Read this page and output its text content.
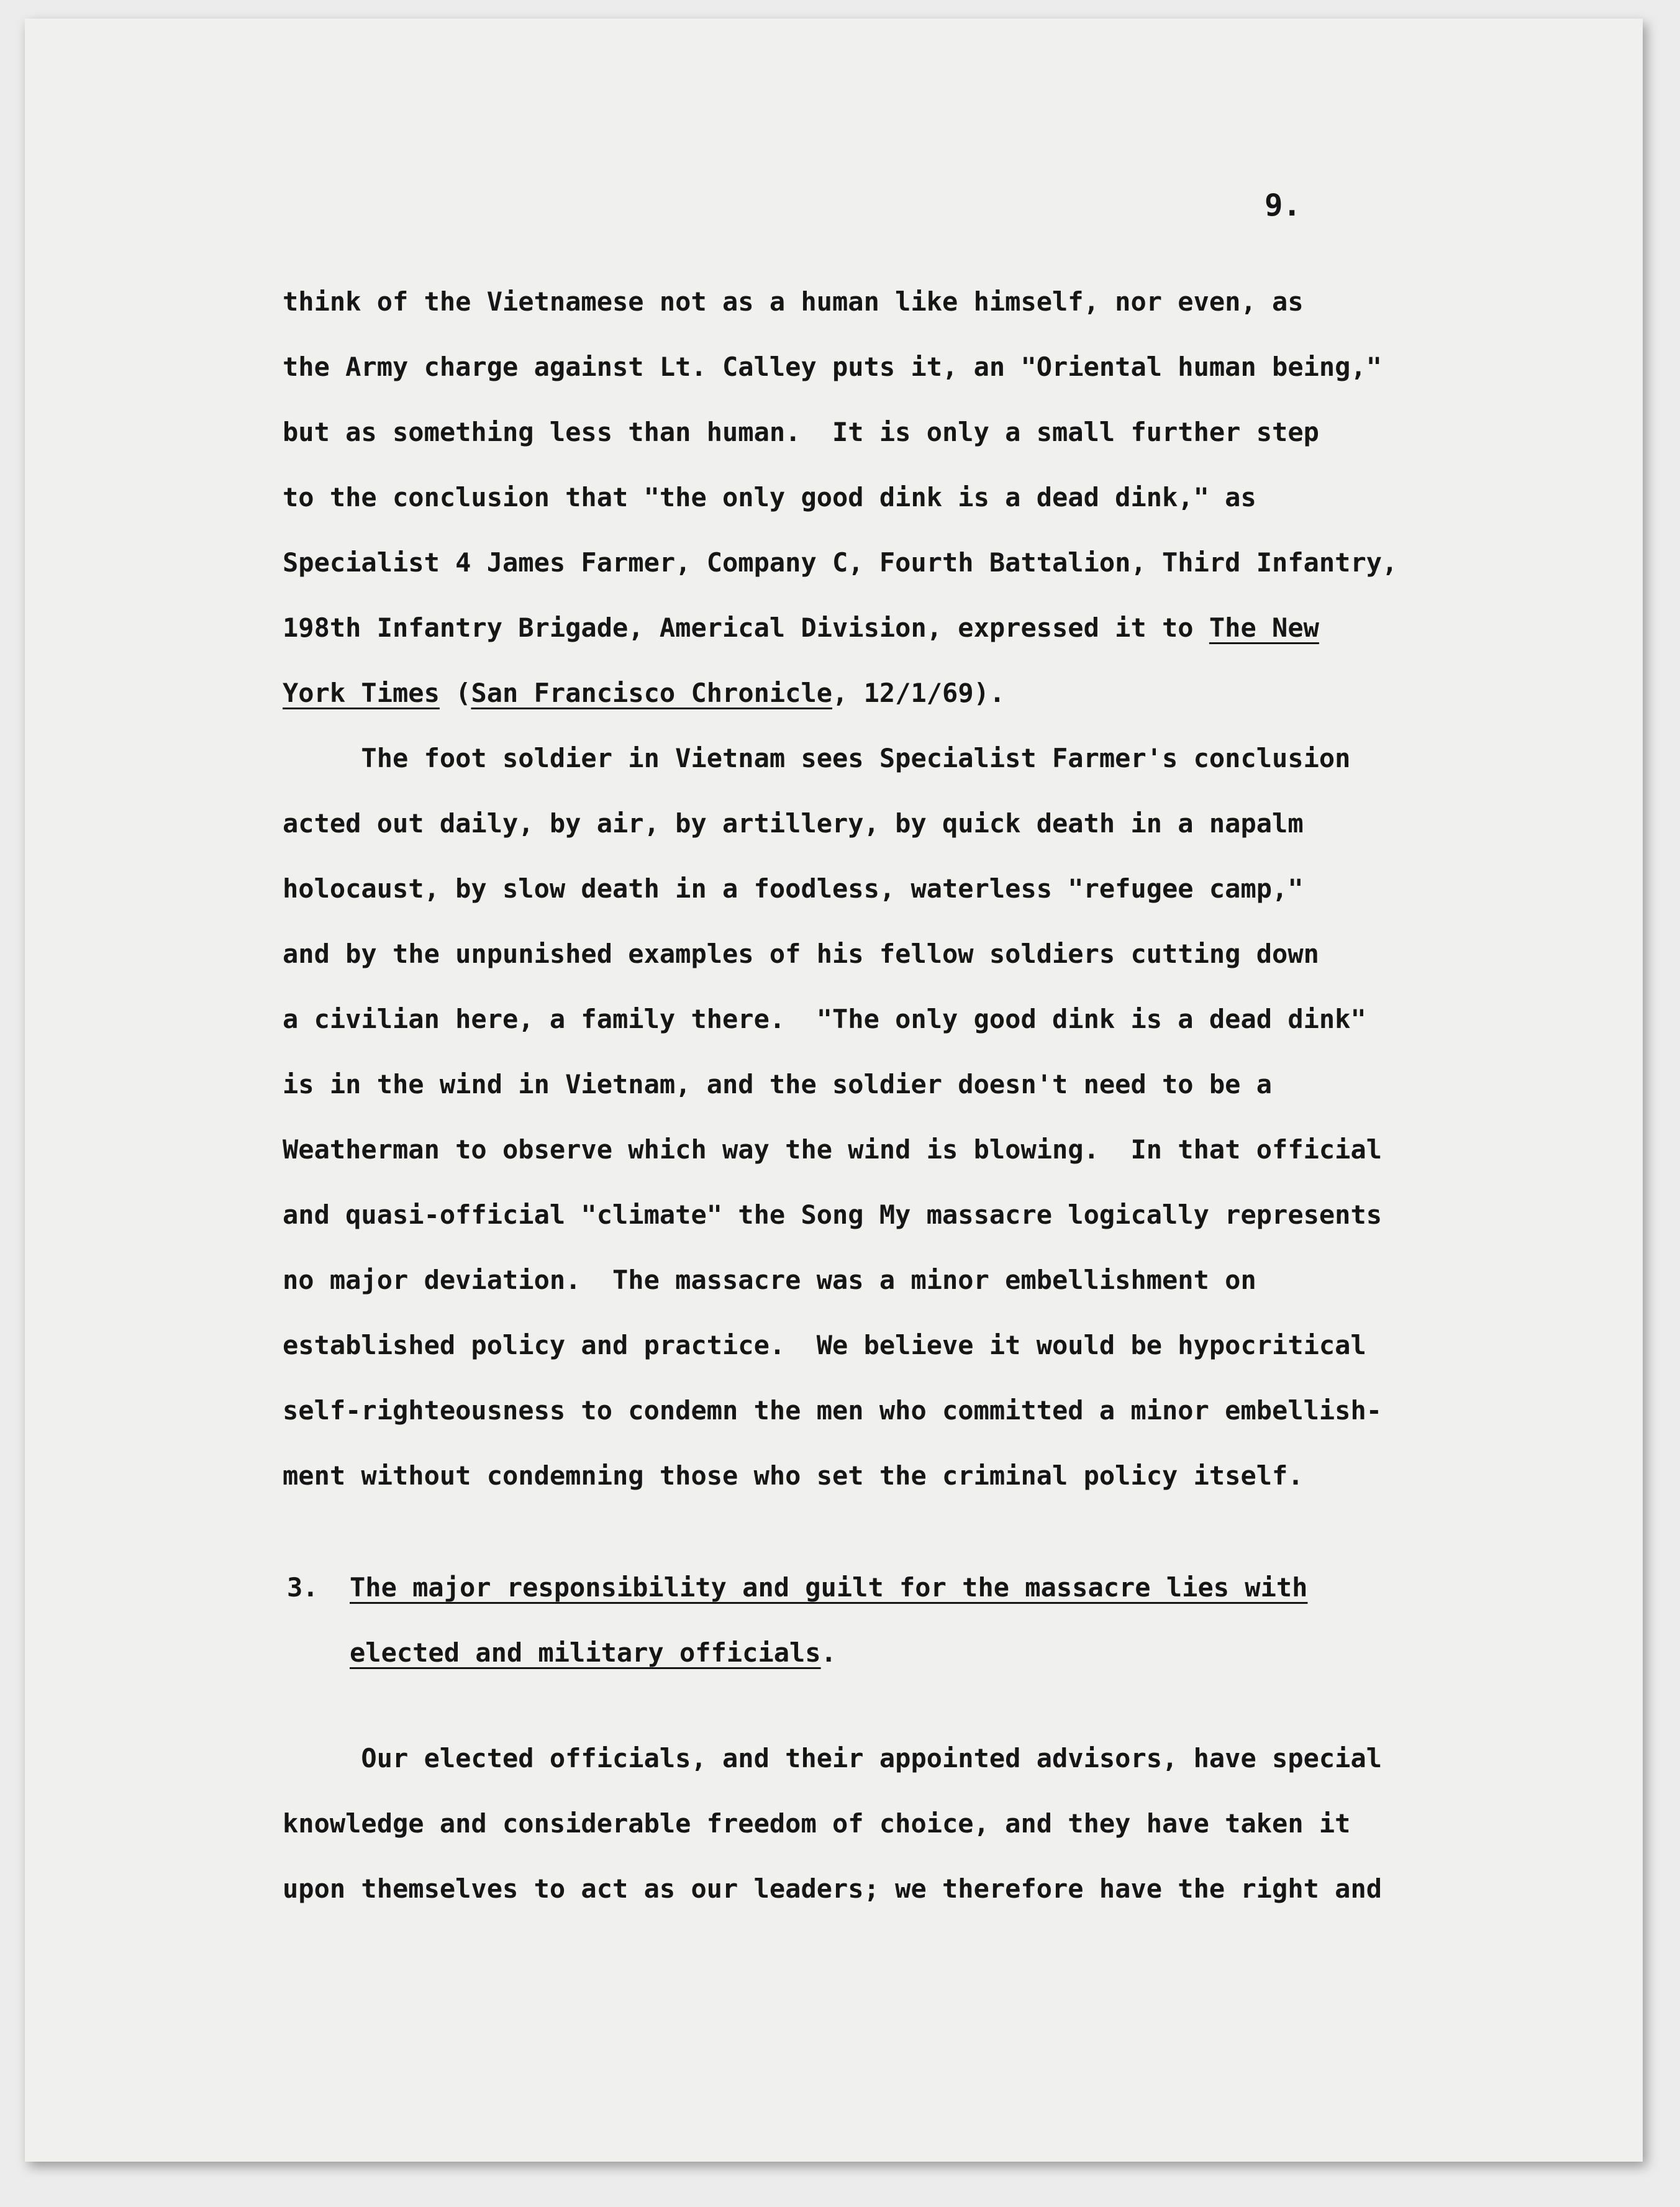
9.

think of the Vietnamese not as a human like himself, nor even, as

the Army charge against Lt. Calley puts it, an "Oriental human being,"

but as something less than human.  It is only a small further step

to the conclusion that "the only good dink is a dead dink," as

Specialist 4 James Farmer, Company C, Fourth Battalion, Third Infantry,

198th Infantry Brigade, Americal Division, expressed it to The New

York Times (San Francisco Chronicle, 12/1/69).

The foot soldier in Vietnam sees Specialist Farmer's conclusion

acted out daily, by air, by artillery, by quick death in a napalm

holocaust, by slow death in a foodless, waterless "refugee camp,"

and by the unpunished examples of his fellow soldiers cutting down

a civilian here, a family there.  "The only good dink is a dead dink"

is in the wind in Vietnam, and the soldier doesn't need to be a

Weatherman to observe which way the wind is blowing.  In that official

and quasi-official "climate" the Song My massacre logically represents

no major deviation.  The massacre was a minor embellishment on

established policy and practice.  We believe it would be hypocritical

self-righteousness to condemn the men who committed a minor embellish-

ment without condemning those who set the criminal policy itself.

3. The major responsibility and guilt for the massacre lies with

elected and military officials.

Our elected officials, and their appointed advisors, have special

knowledge and considerable freedom of choice, and they have taken it

upon themselves to act as our leaders; we therefore have the right and
